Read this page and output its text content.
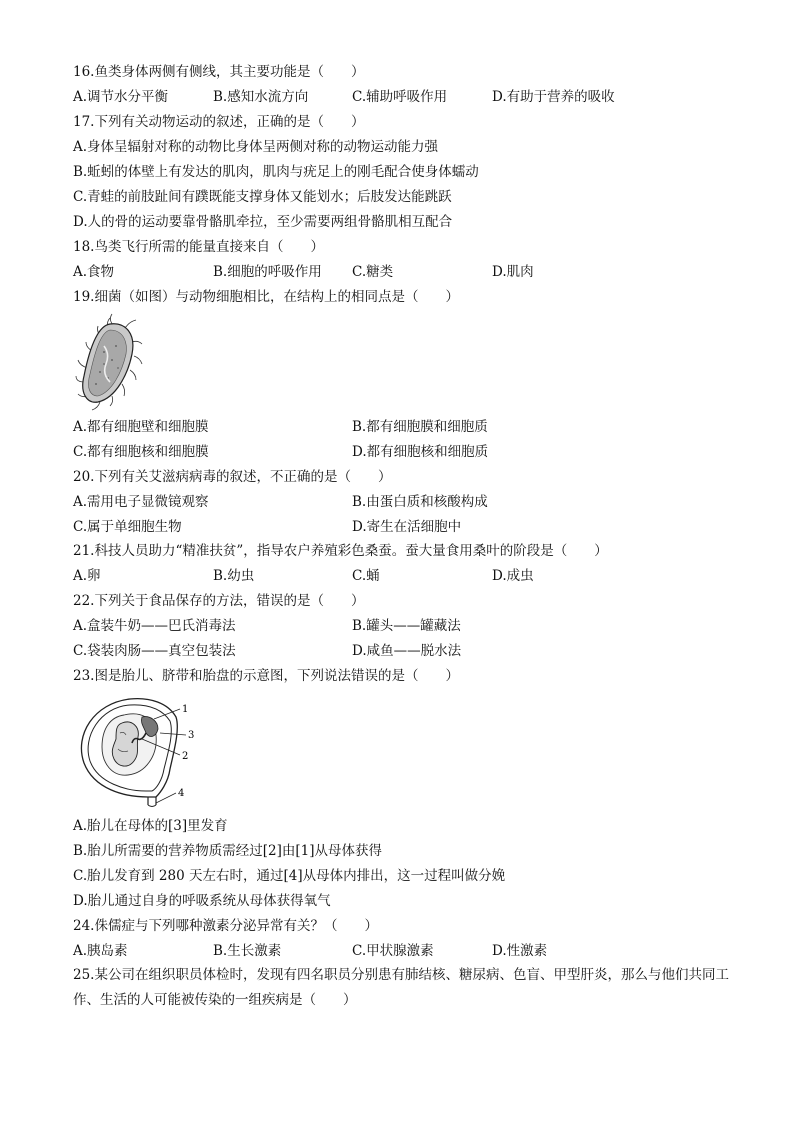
16.鱼类身体两侧有侧线，其主要功能是（　　）
A.调节水分平衡	B.感知水流方向	C.辅助呼吸作用	D.有助于营养的吸收
17.下列有关动物运动的叙述，正确的是（　　）
A.身体呈辐射对称的动物比身体呈两侧对称的动物运动能力强
B.蚯蚓的体壁上有发达的肌肉，肌肉与疣足上的刚毛配合使身体蠕动
C.青蛙的前肢趾间有蹼既能支撑身体又能划水；后肢发达能跳跃
D.人的骨的运动要靠骨骼肌牵拉，至少需要两组骨骼肌相互配合
18.鸟类飞行所需的能量直接来自（　　）
A.食物	B.细胞的呼吸作用 C.糖类	D.肌肉
19.细菌（如图）与动物细胞相比，在结构上的相同点是（　　）
A.都有细胞壁和细胞膜	B.都有细胞膜和细胞质
C.都有细胞核和细胞膜	D.都有细胞核和细胞质
20.下列有关艾滋病病毒的叙述，不正确的是（　　）
A.需用电子显微镜观察	B.由蛋白质和核酸构成
C.属于单细胞生物	D.寄生在活细胞中
21.科技人员助力“精准扶贫”，指导农户养殖彩色桑蚕。蚕大量食用桑叶的阶段是（　　）
A.卵	B.幼虫	C.蛹	D.成虫
22.下列关于食品保存的方法，错误的是（　　）
A.盒装牛奶——巴氏消毒法	B.罐头——罐藏法
C.袋装肉肠——真空包装法	D.咸鱼——脱水法
23.图是胎儿、脐带和胎盘的示意图，下列说法错误的是（　　）
1
3
2
4
A.胎儿在母体的[3]里发育
B.胎儿所需要的营养物质需经过[2]由[1]从母体获得
C.胎儿发育到 280 天左右时，通过[4]从母体内排出，这一过程叫做分娩
D.胎儿通过自身的呼吸系统从母体获得氧气
24.侏儒症与下列哪种激素分泌异常有关？（　　）
A.胰岛素	B.生长激素	C.甲状腺激素	D.性激素
25.某公司在组织职员体检时，发现有四名职员分别患有肺结核、糖尿病、色盲、甲型肝炎，那么与他们共同工作、生活的人可能被传染的一组疾病是（　　）
